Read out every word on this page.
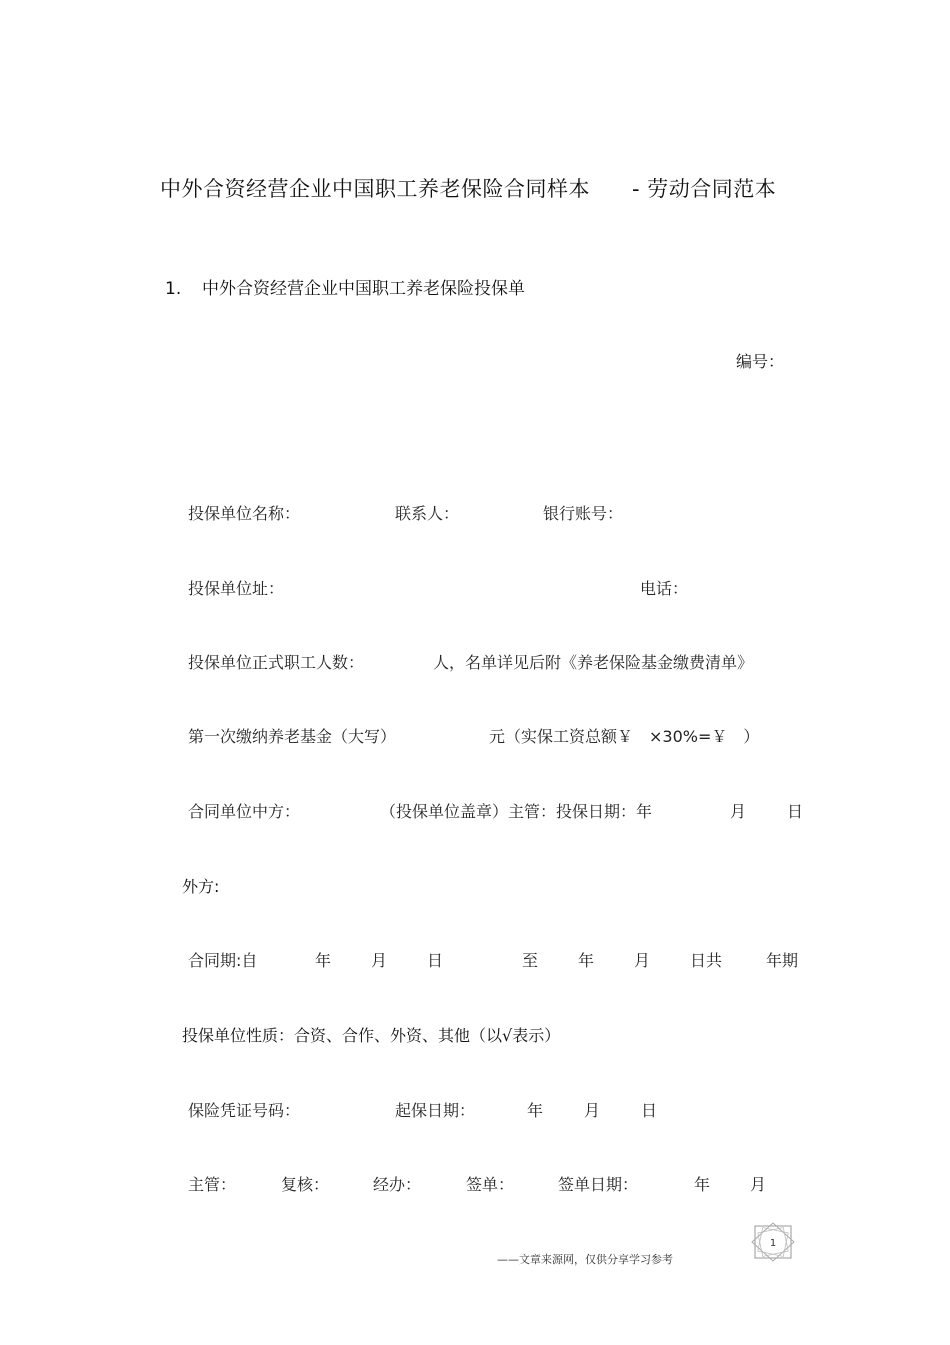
中外合资经营企业中国职工养老保险合同样本 - 劳动合同范本
1. 中外合资经营企业中国职工养老保险投保单
编号：
投保单位名称：	联系人：	银行账号：
投保单位址：	电话：
投保单位正式职工人数：	人，名单详见后附《养老保险基金缴费清单》
第一次缴纳养老基金（大写）	元（实保工资总额￥　×30%=￥　）
合同单位中方：	（投保单位盖章）主管：投保日期：年	月	日
外方:
合同期:自	年 月 日	至 年 月 日共	年期
投保单位性质：合资、合作、外资、其他（以√表示）
保险凭证号码：	起保日期：	年	月	日
主管：	复核：	经办：	签单：	签单日期：	年 月
1
——文章来源网，仅供分享学习参考
